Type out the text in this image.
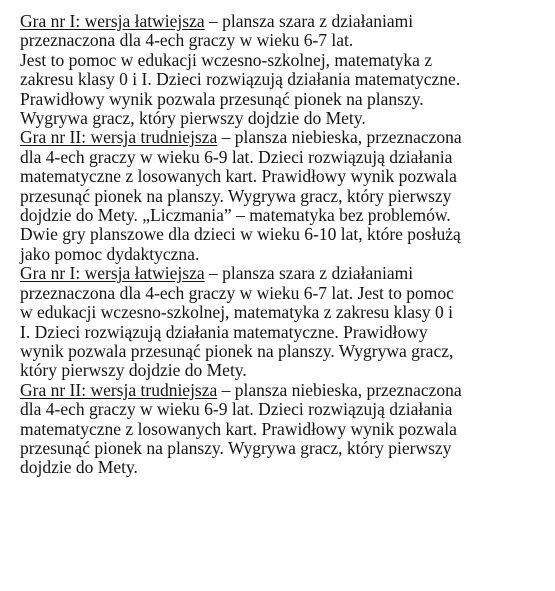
Gra nr I: wersja łatwiejsza – plansza szara z działaniami
przeznaczona dla 4-ech graczy w wieku 6-7 lat.
Jest to pomoc w edukacji wczesno-szkolnej, matematyka z
zakresu klasy 0 i I. Dzieci rozwiązują działania matematyczne.
Prawidłowy wynik pozwala przesunąć pionek na planszy.
Wygrywa gracz, który pierwszy dojdzie do Mety.
Gra nr II: wersja trudniejsza – plansza niebieska, przeznaczona
dla 4-ech graczy w wieku 6-9 lat. Dzieci rozwiązują działania
matematyczne z losowanych kart. Prawidłowy wynik pozwala
przesunąć pionek na planszy. Wygrywa gracz, który pierwszy
dojdzie do Mety. „Liczmania” – matematyka bez problemów.
Dwie gry planszowe dla dzieci w wieku 6-10 lat, które posłużą
jako pomoc dydaktyczna.
Gra nr I: wersja łatwiejsza – plansza szara z działaniami
przeznaczona dla 4-ech graczy w wieku 6-7 lat. Jest to pomoc
w edukacji wczesno-szkolnej, matematyka z zakresu klasy 0 i
I. Dzieci rozwiązują działania matematyczne. Prawidłowy
wynik pozwala przesunąć pionek na planszy. Wygrywa gracz,
który pierwszy dojdzie do Mety.
Gra nr II: wersja trudniejsza – plansza niebieska, przeznaczona
dla 4-ech graczy w wieku 6-9 lat. Dzieci rozwiązują działania
matematyczne z losowanych kart. Prawidłowy wynik pozwala
przesunąć pionek na planszy. Wygrywa gracz, który pierwszy
dojdzie do Mety.
